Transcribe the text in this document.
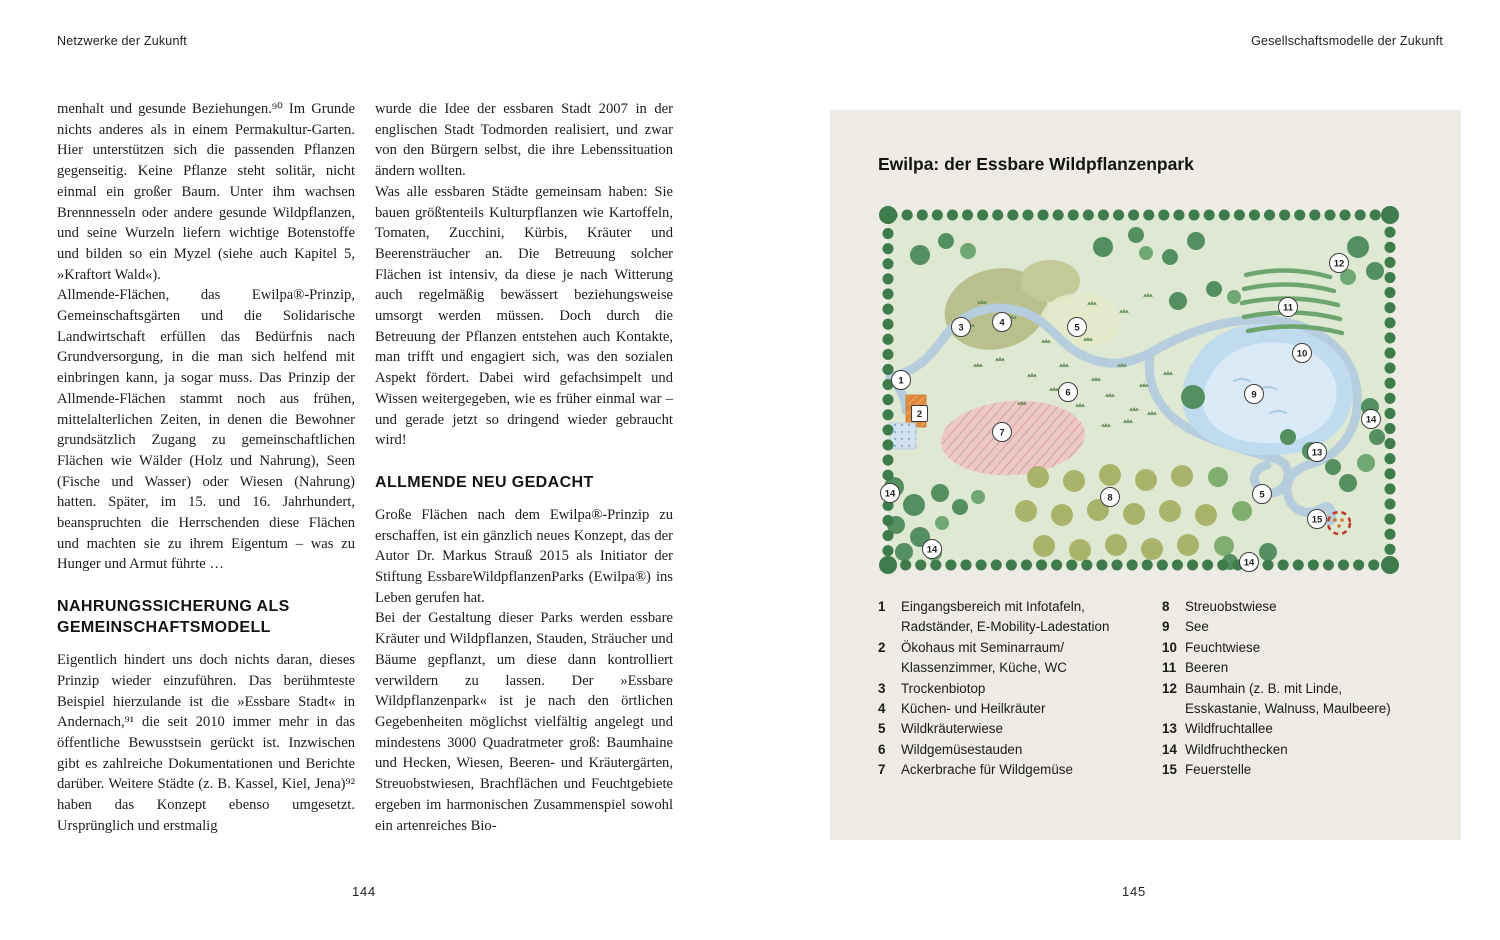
Netzwerke der Zukunft	Gesellschaftsmodelle der Zukunft

menhalt und gesunde Beziehungen.⁹⁰ Im Grunde nichts anderes als in einem Permakultur-Garten. Hier unterstützen sich die passenden Pflanzen gegenseitig. Keine Pflanze steht solitär, nicht einmal ein großer Baum. Unter ihm wachsen Brennnesseln oder andere gesunde Wildpflanzen, und seine Wurzeln liefern wichtige Botenstoffe und bilden so ein Myzel (siehe auch Kapitel 5, »Kraftort Wald«).

Allmende-Flächen, das Ewilpa®-Prinzip, Gemeinschaftsgärten und die Solidarische Landwirtschaft erfüllen das Bedürfnis nach Grundversorgung, in die man sich helfend mit einbringen kann, ja sogar muss. Das Prinzip der Allmende-Flächen stammt noch aus frühen, mittelalterlichen Zeiten, in denen die Bewohner grundsätzlich Zugang zu gemeinschaftlichen Flächen wie Wälder (Holz und Nahrung), Seen (Fische und Wasser) oder Wiesen (Nahrung) hatten. Später, im 15. und 16. Jahrhundert, beanspruchten die Herrschenden diese Flächen und machten sie zu ihrem Eigentum – was zu Hunger und Armut führte …

NAHRUNGSSICHERUNG ALS GEMEINSCHAFTSMODELL

Eigentlich hindert uns doch nichts daran, dieses Prinzip wieder einzuführen. Das berühmteste Beispiel hierzulande ist die »Essbare Stadt« in Andernach,⁹¹ die seit 2010 immer mehr in das öffentliche Bewusstsein gerückt ist. Inzwischen gibt es zahlreiche Dokumentationen und Berichte darüber. Weitere Städte (z. B. Kassel, Kiel, Jena)⁹² haben das Konzept ebenso umgesetzt. Ursprünglich und erstmalig

wurde die Idee der essbaren Stadt 2007 in der englischen Stadt Todmorden realisiert, und zwar von den Bürgern selbst, die ihre Lebenssituation ändern wollten.

Was alle essbaren Städte gemeinsam haben: Sie bauen größtenteils Kulturpflanzen wie Kartoffeln, Tomaten, Zucchini, Kürbis, Kräuter und Beerensträucher an. Die Betreuung solcher Flächen ist intensiv, da diese je nach Witterung auch regelmäßig bewässert beziehungsweise umsorgt werden müssen. Doch durch die Betreuung der Pflanzen entstehen auch Kontakte, man trifft und engagiert sich, was den sozialen Aspekt fördert. Dabei wird gefachsimpelt und Wissen weitergegeben, wie es früher einmal war – und gerade jetzt so dringend wieder gebraucht wird!

ALLMENDE NEU GEDACHT

Große Flächen nach dem Ewilpa®-Prinzip zu erschaffen, ist ein gänzlich neues Konzept, das der Autor Dr. Markus Strauß 2015 als Initiator der Stiftung EssbareWildpflanzenParks (Ewilpa®) ins Leben gerufen hat.

Bei der Gestaltung dieser Parks werden essbare Kräuter und Wildpflanzen, Stauden, Sträucher und Bäume gepflanzt, um diese dann kontrolliert verwildern zu lassen. Der »Essbare Wildpflanzenpark« ist je nach den örtlichen Gegebenheiten möglichst vielfältig angelegt und mindestens 3000 Quadratmeter groß: Baumhaine und Hecken, Wiesen, Beeren- und Kräutergärten, Streuobstwiesen, Brachflächen und Feuchtgebiete ergeben im harmonischen Zusammenspiel sowohl ein artenreiches Bio-

Ewilpa: der Essbare Wildpflanzenpark
1
2
3	4	5
5
6
7
8
9
10
11
12
13
14
14
14
14
15
1	Eingangsbereich mit Infotafeln, Radständer, E-Mobility-Ladestation
2	Ökohaus mit Seminarraum/ Klassenzimmer, Küche, WC
3	Trockenbiotop
4	Küchen- und Heilkräuter
5	Wildkräuterwiese
6	Wildgemüsestauden
7	Ackerbrache für Wildgemüse
8	Streuobstwiese
9	See
10 Feuchtwiese
11 Beeren
12 Baumhain (z. B. mit Linde, Esskastanie, Walnuss, Maulbeere)
13 Wildfruchtallee
14 Wildfruchthecken
15 Feuerstelle
144	145
